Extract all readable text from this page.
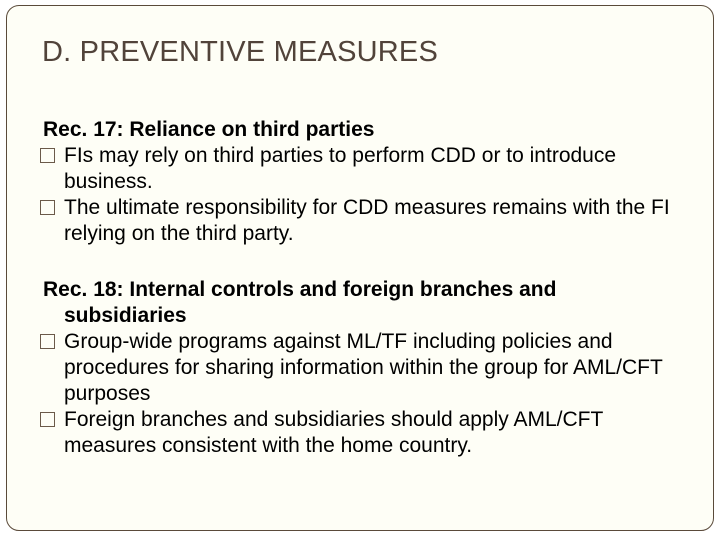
D. PREVENTIVE MEASURES
Rec. 17: Reliance on third parties
FIs may rely on third parties to perform CDD or to introduce business.
The ultimate responsibility for CDD measures remains with the FI relying on the third party.
Rec. 18: Internal controls and foreign branches and subsidiaries
Group-wide programs against ML/TF including policies and procedures for sharing information within the group for AML/CFT purposes
Foreign branches and subsidiaries should apply AML/CFT measures consistent with the home country.
